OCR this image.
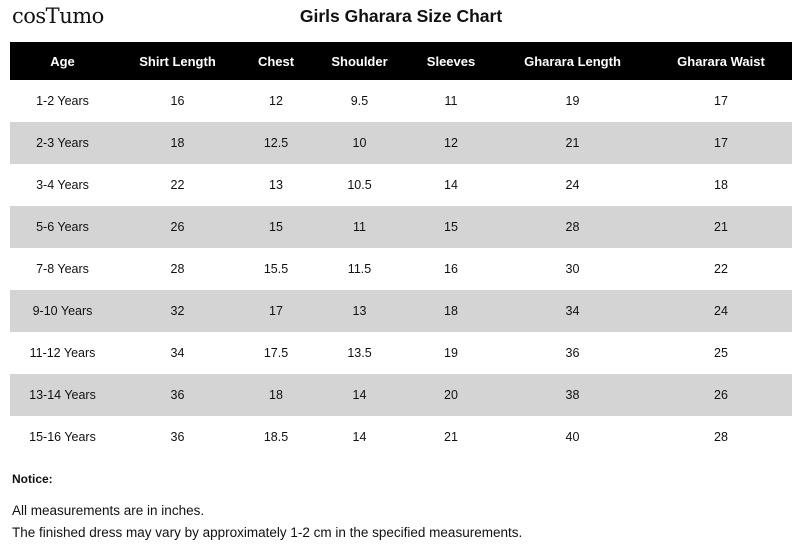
cosTumo	Girls Gharara Size Chart
Age	Shirt Length	Chest	Shoulder	Sleeves	Gharara Length	Gharara Waist
1-2 Years	16	12	9.5	11	19	17
2-3 Years	18	12.5	10	12	21	17
3-4 Years	22	13	10.5	14	24	18
5-6 Years	26	15	11	15	28	21
7-8 Years	28	15.5	11.5	16	30	22
9-10 Years	32	17	13	18	34	24
11-12 Years	34	17.5	13.5	19	36	25
13-14 Years	36	18	14	20	38	26
15-16 Years	36	18.5	14	21	40	28
Notice:
All measurements are in inches.
The finished dress may vary by approximately 1-2 cm in the specified measurements.
